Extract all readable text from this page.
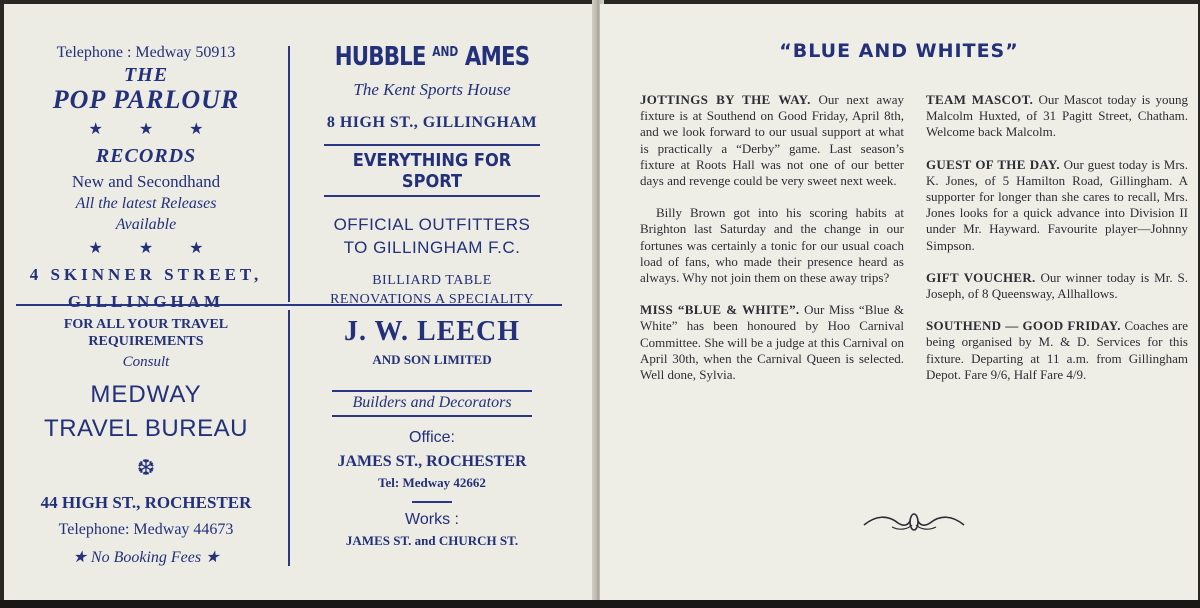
Telephone : Medway 50913
THE
POP PARLOUR
★ ★ ★
RECORDS
New and Secondhand
All the latest Releases
Available
★ ★ ★
4 SKINNER STREET,
GILLINGHAM
HUBBLE $^{AND}$ AMES
The Kent Sports House
8 HIGH ST., GILLINGHAM
EVERYTHING FOR SPORT
OFFICIAL OUTFITTERS
TO GILLINGHAM F.C.
BILLIARD TABLE
RENOVATIONS A SPECIALITY
FOR ALL YOUR TRAVEL
REQUIREMENTS
Consult
MEDWAY
TRAVEL BUREAU
❆
44 HIGH ST., ROCHESTER
Telephone: Medway 44673
★ No Booking Fees ★
J. W. LEECH
AND SON LIMITED
Builders and Decorators
Office:
JAMES ST., ROCHESTER
Tel: Medway 42662
Works :
JAMES ST. and CHURCH ST.
“BLUE AND WHITES”

JOTTINGS BY THE WAY. Our next away fixture is at Southend on Good Friday, April 8th, and we look forward to our usual support at what is practically a “Derby” game. Last season’s fixture at Roots Hall was not one of our better days and revenge could be very sweet next week.

Billy Brown got into his scoring habits at Brighton last Saturday and the change in our fortunes was certainly a tonic for our usual coach load of fans, who made their presence heard as always. Why not join them on these away trips?

MISS “BLUE & WHITE”. Our Miss “Blue & White” has been honoured by Hoo Carnival Committee. She will be a judge at this Carnival on April 30th, when the Carnival Queen is selected. Well done, Sylvia.

TEAM MASCOT. Our Mascot today is young Malcolm Huxted, of 31 Pagitt Street, Chatham. Welcome back Malcolm.

GUEST OF THE DAY. Our guest today is Mrs. K. Jones, of 5 Hamilton Road, Gillingham. A supporter for longer than she cares to recall, Mrs. Jones looks for a quick advance into Division II under Mr. Hayward. Favourite player—Johnny Simpson.

GIFT VOUCHER. Our winner today is Mr. S. Joseph, of 8 Queensway, Allhallows.

SOUTHEND — GOOD FRIDAY. Coaches are being organised by M. & D. Services for this fixture. Departing at 11 a.m. from Gillingham Depot. Fare 9/6, Half Fare 4/9.
